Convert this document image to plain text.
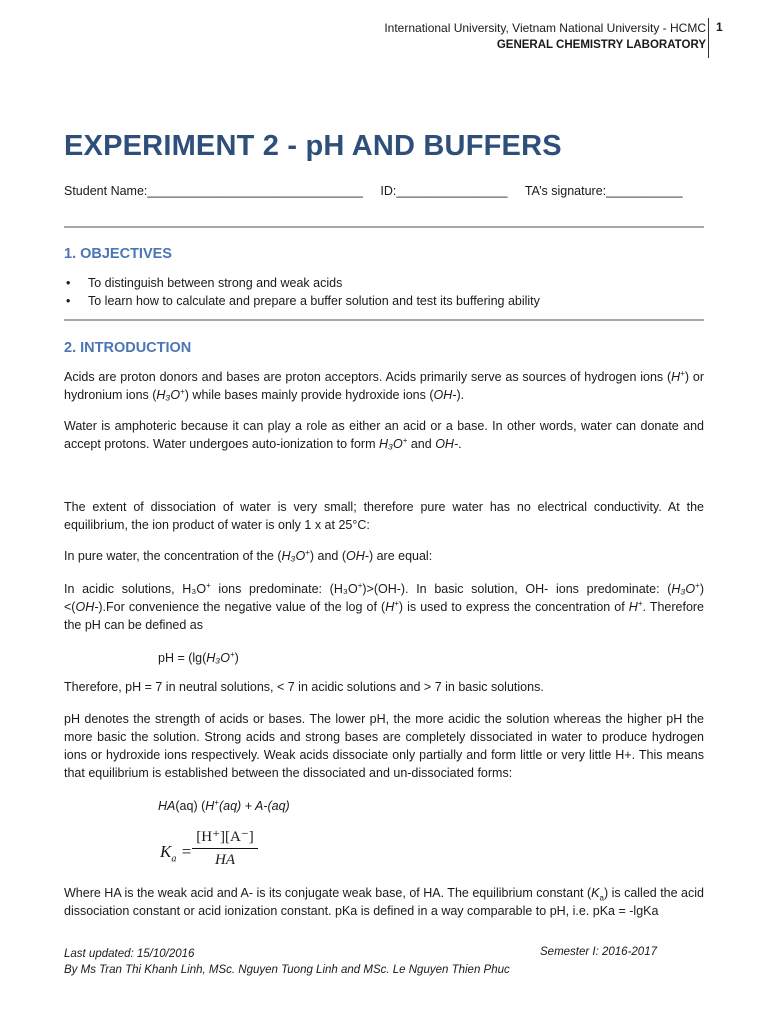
International University, Vietnam National University - HCMC
GENERAL CHEMISTRY LABORATORY
1
EXPERIMENT 2 - pH AND BUFFERS
Student Name:_______________________________ ID:________________ TA’s signature:___________
1. OBJECTIVES
• To distinguish between strong and weak acids
• To learn how to calculate and prepare a buffer solution and test its buffering ability
2. INTRODUCTION
Acids are proton donors and bases are proton acceptors. Acids primarily serve as sources of hydrogen ions (H+) or hydronium ions (H₃O+) while bases mainly provide hydroxide ions (OH-).
Water is amphoteric because it can play a role as either an acid or a base. In other words, water can donate and accept protons. Water undergoes auto-ionization to form H₃O+ and OH-.
The extent of dissociation of water is very small; therefore pure water has no electrical conductivity. At the equilibrium, the ion product of water is only 1 x at 25°C:
In pure water, the concentration of the (H₃O+) and (OH-) are equal:
In acidic solutions, H₃O+ ions predominate: (H₃O+)>(OH-). In basic solution, OH- ions predominate: (H₃O+)<(OH-).For convenience the negative value of the log of (H+) is used to express the concentration of H+. Therefore the pH can be defined as
pH = (lg(H₃O+)
Therefore, pH = 7 in neutral solutions, < 7 in acidic solutions and > 7 in basic solutions.
pH denotes the strength of acids or bases. The lower pH, the more acidic the solution whereas the higher pH the more basic the solution. Strong acids and strong bases are completely dissociated in water to produce hydrogen ions or hydroxide ions respectively. Weak acids dissociate only partially and form little or very little H+. This means that equilibrium is established between the dissociated and un-dissociated forms:
HA(aq) (H+(aq) + A-(aq)
$K_a$ =
[H⁺][A⁻]
HA
Where HA is the weak acid and A- is its conjugate weak base, of HA. The equilibrium constant $(K_a)$ is called the acid dissociation constant or acid ionization constant. pKa is defined in a way comparable to pH, i.e. pKa = -lgKa
Last updated: 15/10/2016
By Ms Tran Thi Khanh Linh, MSc. Nguyen Tuong Linh and MSc. Le Nguyen Thien Phuc
Semester I: 2016-2017
